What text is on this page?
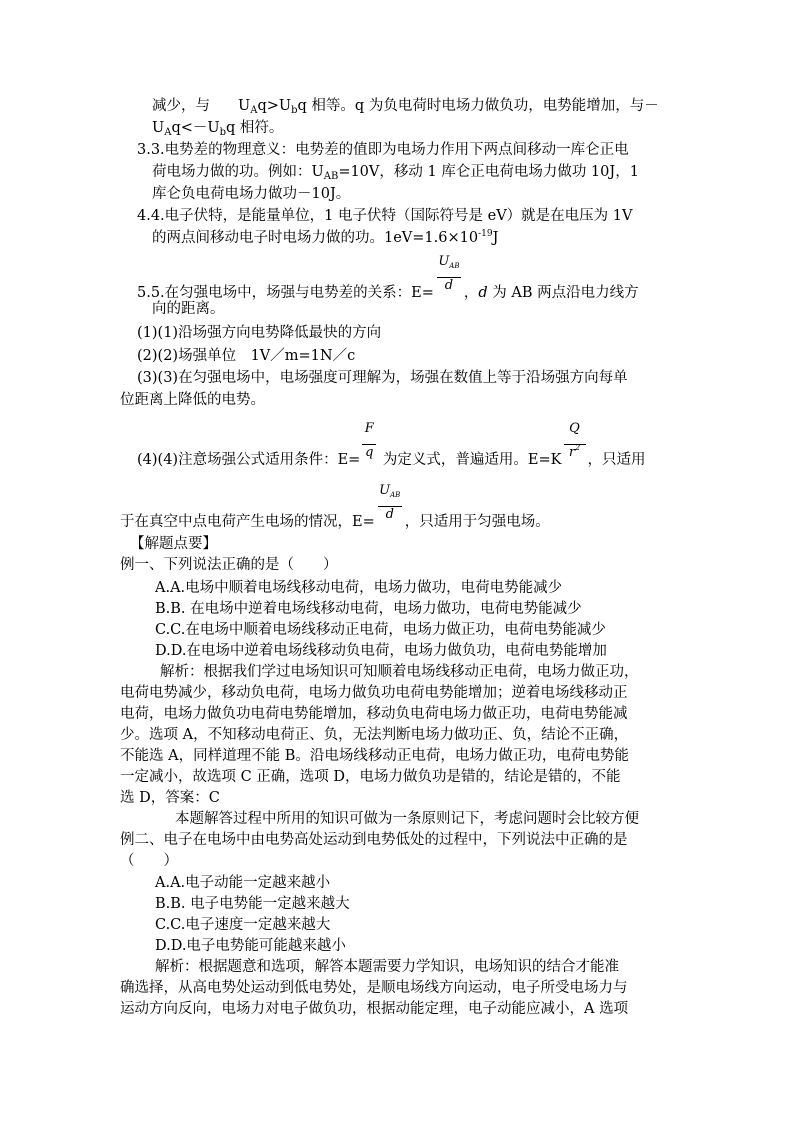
减少，与 $U_Aq>U_bq$ 相等。q 为负电荷时电场力做负功，电势能增加，与－
$U_Aq<-U_bq$ 相符。
3.3.电势差的物理意义：电势差的值即为电场力作用下两点间移动一库仑正电
荷电场力做的功。例如：$U_{AB}=10V$，移动 1 库仑正电荷电场力做功 10J，1
库仑负电荷电场力做功－10J。
4.4.电子伏特，是能量单位，1 电子伏特（国际符号是 eV）就是在电压为 1V
的两点间移动电子时电场力做的功。$1eV=1.6\times 10^{-19}J$
5.5.在匀强电场中，场强与电势差的关系：$E= \frac{U_{AB}}{d}$ ，d 为 AB 两点沿电力线方
向的距离。
(1)(1)沿场强方向电势降低最快的方向
(2)(2)场强单位　1V／m=1N／c
(3)(3)在匀强电场中，电场强度可理解为，场强在数值上等于沿场强方向每单
位距离上降低的电势。
(4)(4)注意场强公式适用条件：$E= \frac{F}{q}$ 为定义式，普遍适用。$E=K \frac{Q}{r^2}$ ，只适用
于在真空中点电荷产生电场的情况，$E= \frac{U_{AB}}{d}$ ，只适用于匀强电场。
【解题点要】
例一、下列说法正确的是（　　）
A.A.电场中顺着电场线移动电荷，电场力做功，电荷电势能减少
B.B. 在电场中逆着电场线移动电荷，电场力做功，电荷电势能减少
C.C.在电场中顺着电场线移动正电荷，电场力做正功，电荷电势能减少
D.D.在电场中逆着电场线移动负电荷，电场力做负功，电荷电势能增加
解析：根据我们学过电场知识可知顺着电场线移动正电荷，电场力做正功，
电荷电势减少，移动负电荷，电场力做负功电荷电势能增加；逆着电场线移动正
电荷，电场力做负功电荷电势能增加，移动负电荷电场力做正功，电荷电势能减
少。选项 A，不知移动电荷正、负，无法判断电场力做功正、负，结论不正确，
不能选 A，同样道理不能 B。沿电场线移动正电荷，电场力做正功，电荷电势能
一定减小，故选项 C 正确，选项 D，电场力做负功是错的，结论是错的，不能
选 D，答案：C
本题解答过程中所用的知识可做为一条原则记下，考虑问题时会比较方便
例二、电子在电场中由电势高处运动到电势低处的过程中，下列说法中正确的是
（　　）
A.A.电子动能一定越来越小
B.B. 电子电势能一定越来越大
C.C.电子速度一定越来越大
D.D.电子电势能可能越来越小
解析：根据题意和选项，解答本题需要力学知识，电场知识的结合才能准
确选择，从高电势处运动到低电势处，是顺电场线方向运动，电子所受电场力与
运动方向反向，电场力对电子做负功，根据动能定理，电子动能应减小，A 选项
